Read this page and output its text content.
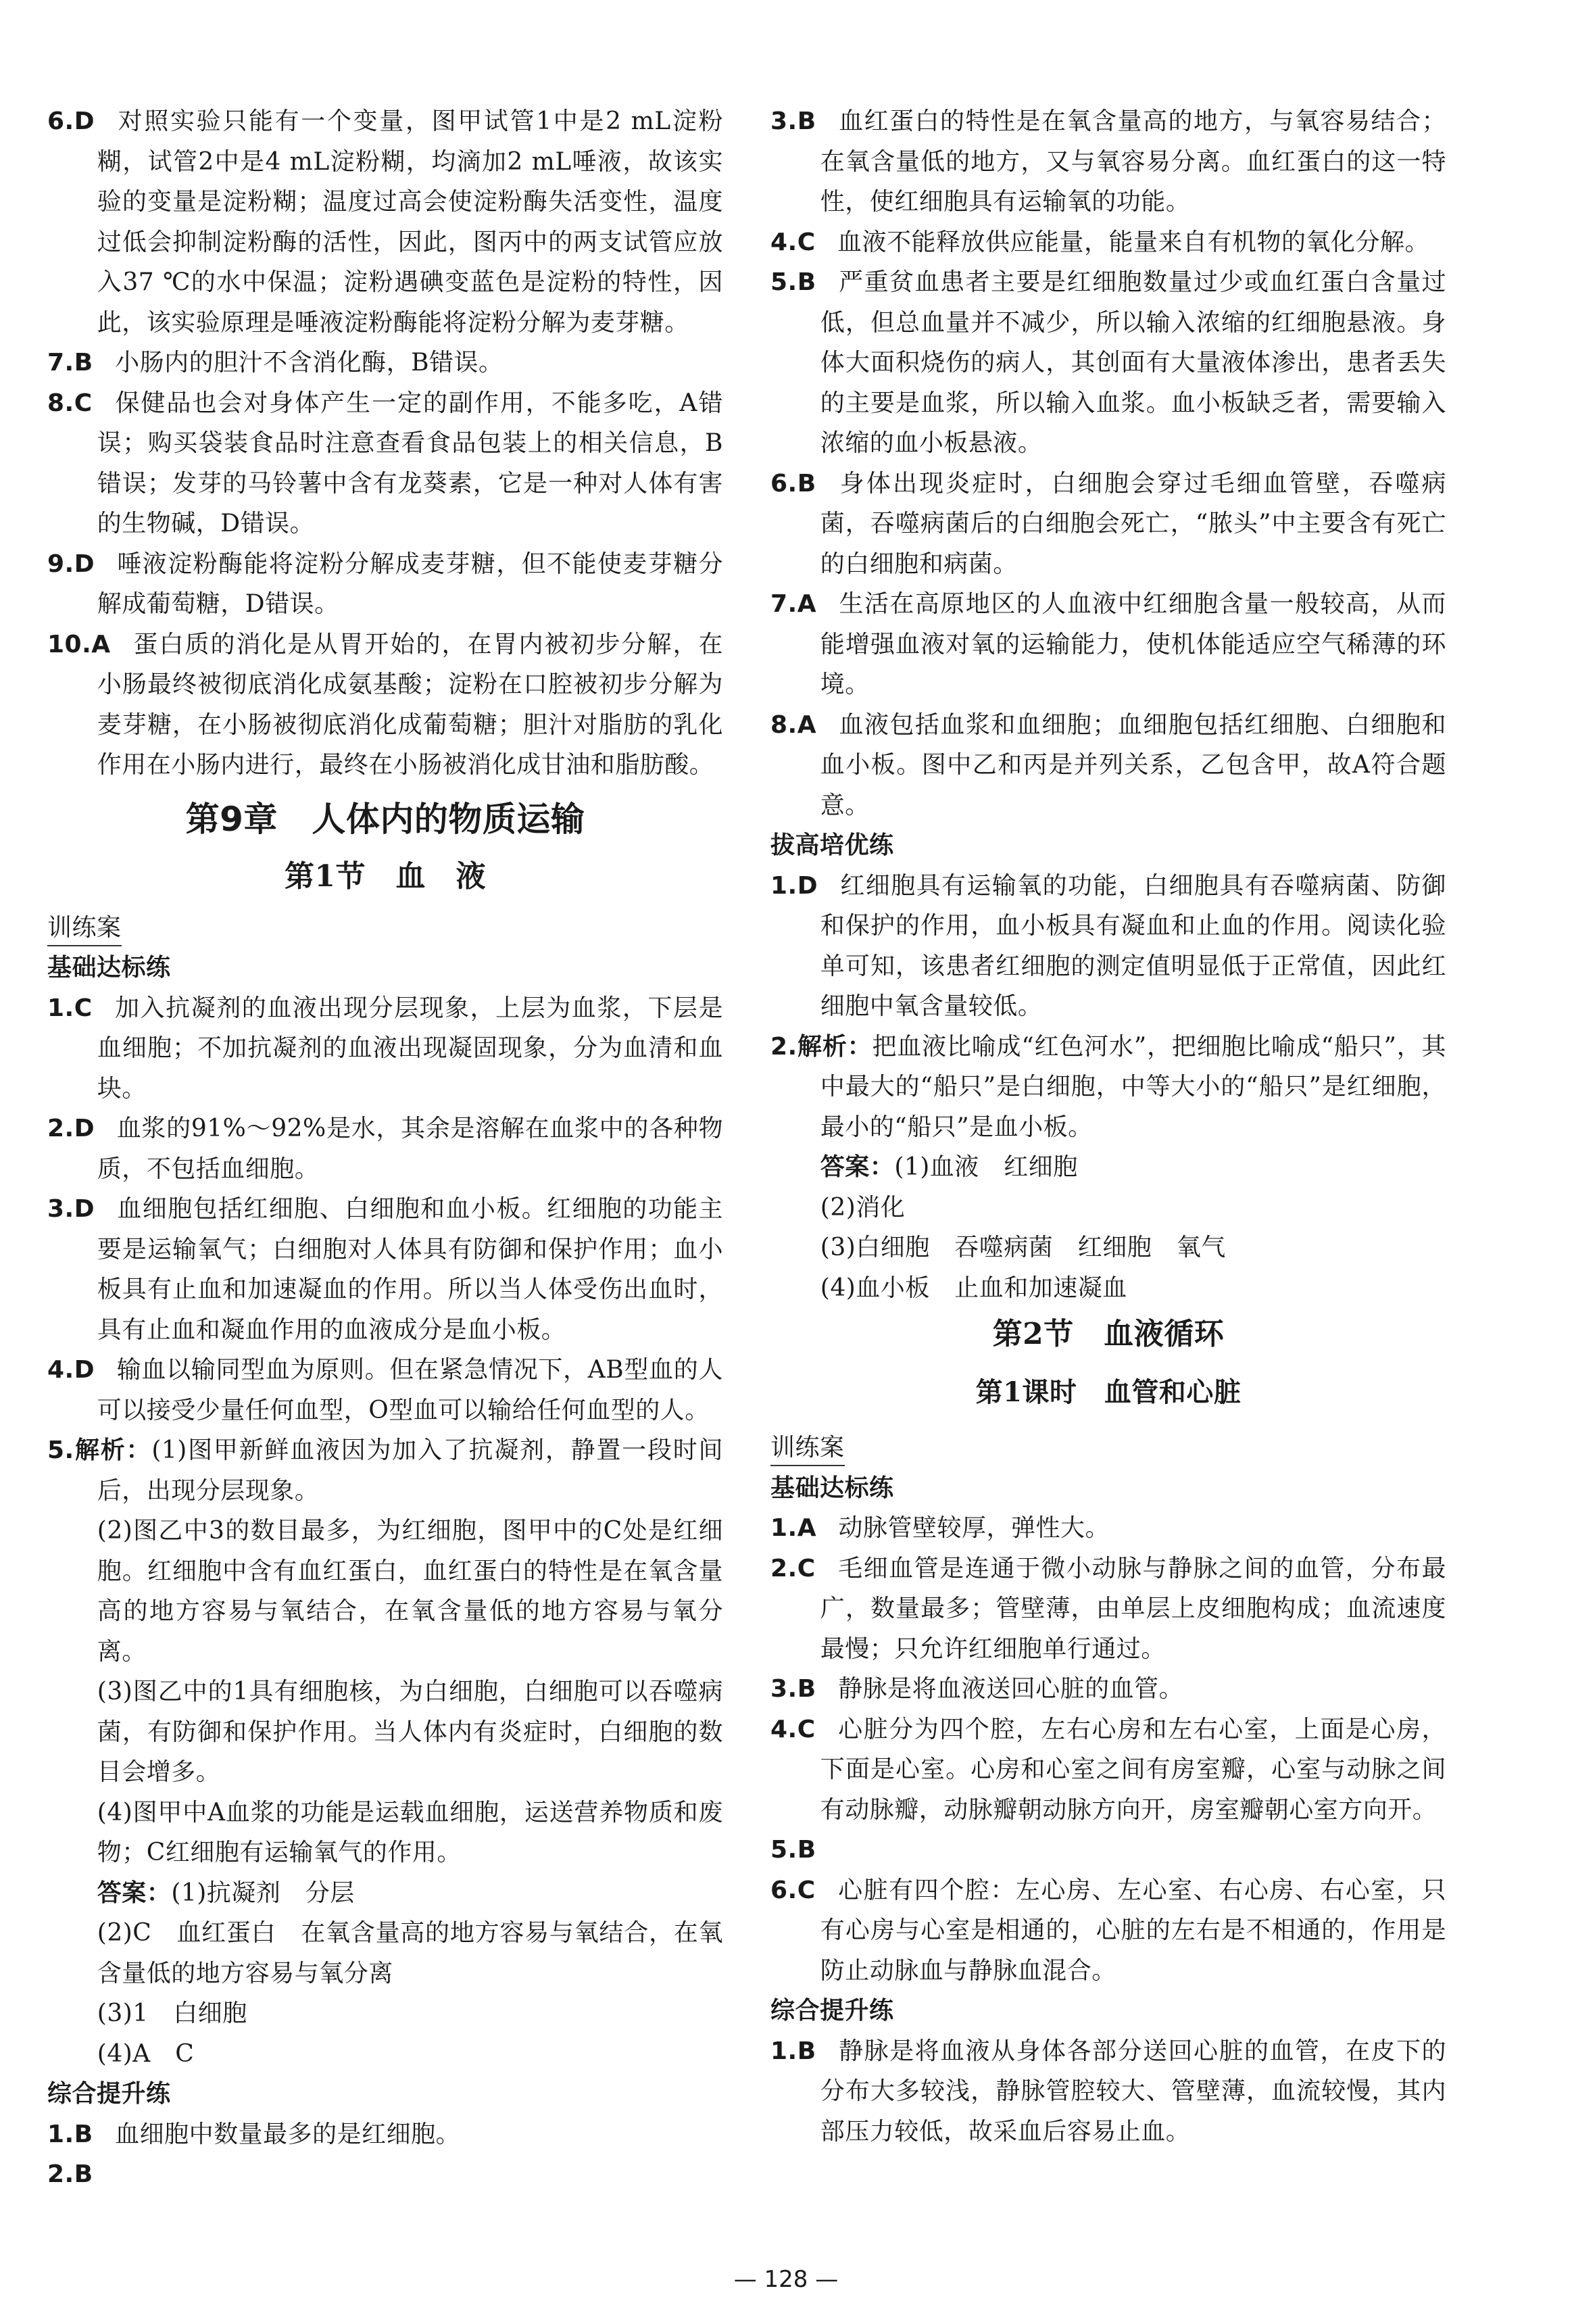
6.D 对照实验只能有一个变量，图甲试管1中是2 mL淀粉糊，试管2中是4 mL淀粉糊，均滴加2 mL唾液，故该实验的变量是淀粉糊；温度过高会使淀粉酶失活变性，温度过低会抑制淀粉酶的活性，因此，图丙中的两支试管应放入37 ℃的水中保温；淀粉遇碘变蓝色是淀粉的特性，因此，该实验原理是唾液淀粉酶能将淀粉分解为麦芽糖。

7.B 小肠内的胆汁不含消化酶，B错误。

8.C 保健品也会对身体产生一定的副作用，不能多吃，A错误；购买袋装食品时注意查看食品包装上的相关信息，B错误；发芽的马铃薯中含有龙葵素，它是一种对人体有害的生物碱，D错误。

9.D 唾液淀粉酶能将淀粉分解成麦芽糖，但不能使麦芽糖分解成葡萄糖，D错误。

10.A 蛋白质的消化是从胃开始的，在胃内被初步分解，在小肠最终被彻底消化成氨基酸；淀粉在口腔被初步分解为麦芽糖，在小肠被彻底消化成葡萄糖；胆汁对脂肪的乳化作用在小肠内进行，最终在小肠被消化成甘油和脂肪酸。

第9章　人体内的物质运输
第1节　血　液
训练案
基础达标练

1.C 加入抗凝剂的血液出现分层现象，上层为血浆，下层是血细胞；不加抗凝剂的血液出现凝固现象，分为血清和血块。

2.D 血浆的91%～92%是水，其余是溶解在血浆中的各种物质，不包括血细胞。

3.D 血细胞包括红细胞、白细胞和血小板。红细胞的功能主要是运输氧气；白细胞对人体具有防御和保护作用；血小板具有止血和加速凝血的作用。所以当人体受伤出血时，具有止血和凝血作用的血液成分是血小板。

4.D 输血以输同型血为原则。但在紧急情况下，AB型血的人可以接受少量任何血型，O型血可以输给任何血型的人。

5.解析：(1)图甲新鲜血液因为加入了抗凝剂，静置一段时间后，出现分层现象。

(2)图乙中3的数目最多，为红细胞，图甲中的C处是红细胞。红细胞中含有血红蛋白，血红蛋白的特性是在氧含量高的地方容易与氧结合，在氧含量低的地方容易与氧分离。

(3)图乙中的1具有细胞核，为白细胞，白细胞可以吞噬病菌，有防御和保护作用。当人体内有炎症时，白细胞的数目会增多。

(4)图甲中A血浆的功能是运载血细胞，运送营养物质和废物；C红细胞有运输氧气的作用。

答案：(1)抗凝剂　分层

(2)C　血红蛋白　在氧含量高的地方容易与氧结合，在氧含量低的地方容易与氧分离

(3)1　白细胞

(4)A　C

综合提升练

1.B 血细胞中数量最多的是红细胞。

2.B

3.B 血红蛋白的特性是在氧含量高的地方，与氧容易结合；在氧含量低的地方，又与氧容易分离。血红蛋白的这一特性，使红细胞具有运输氧的功能。

4.C 血液不能释放供应能量，能量来自有机物的氧化分解。

5.B 严重贫血患者主要是红细胞数量过少或血红蛋白含量过低，但总血量并不减少，所以输入浓缩的红细胞悬液。身体大面积烧伤的病人，其创面有大量液体渗出，患者丢失的主要是血浆，所以输入血浆。血小板缺乏者，需要输入浓缩的血小板悬液。

6.B 身体出现炎症时，白细胞会穿过毛细血管壁，吞噬病菌，吞噬病菌后的白细胞会死亡，“脓头”中主要含有死亡的白细胞和病菌。

7.A 生活在高原地区的人血液中红细胞含量一般较高，从而能增强血液对氧的运输能力，使机体能适应空气稀薄的环境。

8.A 血液包括血浆和血细胞；血细胞包括红细胞、白细胞和血小板。图中乙和丙是并列关系，乙包含甲，故A符合题意。

拔高培优练

1.D 红细胞具有运输氧的功能，白细胞具有吞噬病菌、防御和保护的作用，血小板具有凝血和止血的作用。阅读化验单可知，该患者红细胞的测定值明显低于正常值，因此红细胞中氧含量较低。

2.解析：把血液比喻成“红色河水”，把细胞比喻成“船只”，其中最大的“船只”是白细胞，中等大小的“船只”是红细胞，最小的“船只”是血小板。

答案：(1)血液　红细胞

(2)消化

(3)白细胞　吞噬病菌　红细胞　氧气

(4)血小板　止血和加速凝血

第2节　血液循环
第1课时　血管和心脏
训练案
基础达标练

1.A 动脉管壁较厚，弹性大。

2.C 毛细血管是连通于微小动脉与静脉之间的血管，分布最广，数量最多；管壁薄，由单层上皮细胞构成；血流速度最慢；只允许红细胞单行通过。

3.B 静脉是将血液送回心脏的血管。

4.C 心脏分为四个腔，左右心房和左右心室，上面是心房，下面是心室。心房和心室之间有房室瓣，心室与动脉之间有动脉瓣，动脉瓣朝动脉方向开，房室瓣朝心室方向开。

5.B

6.C 心脏有四个腔：左心房、左心室、右心房、右心室，只有心房与心室是相通的，心脏的左右是不相通的，作用是防止动脉血与静脉血混合。

综合提升练

1.B 静脉是将血液从身体各部分送回心脏的血管，在皮下的分布大多较浅，静脉管腔较大、管壁薄，血流较慢，其内部压力较低，故采血后容易止血。

— 128 —
